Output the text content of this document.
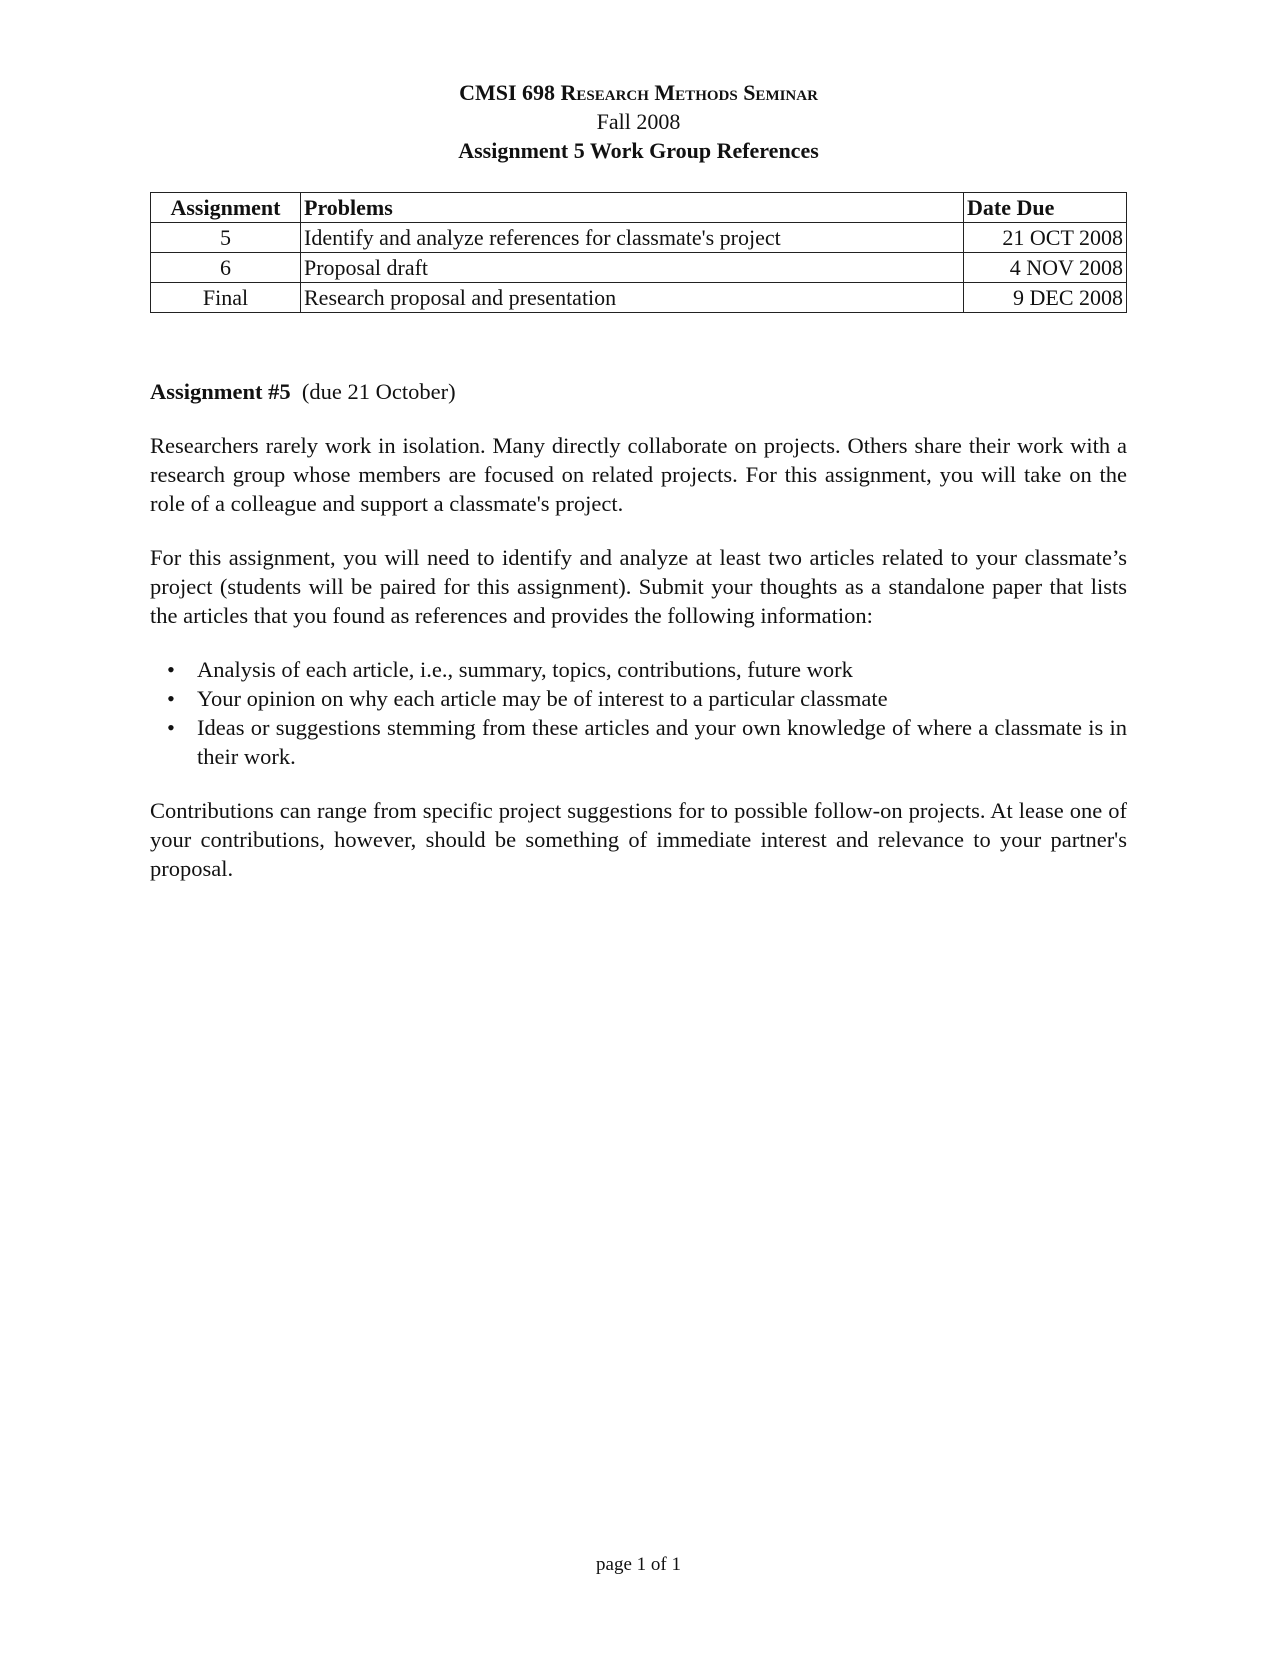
CMSI 698 Research Methods Seminar
Fall 2008
Assignment 5 Work Group References
Assignment	Problems	Date Due
5	Identify and analyze references for classmate's project	21 OCT 2008
6	Proposal draft	4 NOV 2008
Final	Research proposal and presentation	9 DEC 2008
Assignment #5 (due 21 October)

Researchers rarely work in isolation. Many directly collaborate on projects. Others share their work with a research group whose members are focused on related projects. For this assignment, you will take on the role of a colleague and support a classmate's project.

For this assignment, you will need to identify and analyze at least two articles related to your classmate’s project (students will be paired for this assignment). Submit your thoughts as a standalone paper that lists the articles that you found as references and provides the following information:

• Analysis of each article, i.e., summary, topics, contributions, future work
• Your opinion on why each article may be of interest to a particular classmate
• Ideas or suggestions stemming from these articles and your own knowledge of where a classmate is in their work.

Contributions can range from specific project suggestions for to possible follow-on projects. At lease one of your contributions, however, should be something of immediate interest and relevance to your partner's proposal.

page 1 of 1
